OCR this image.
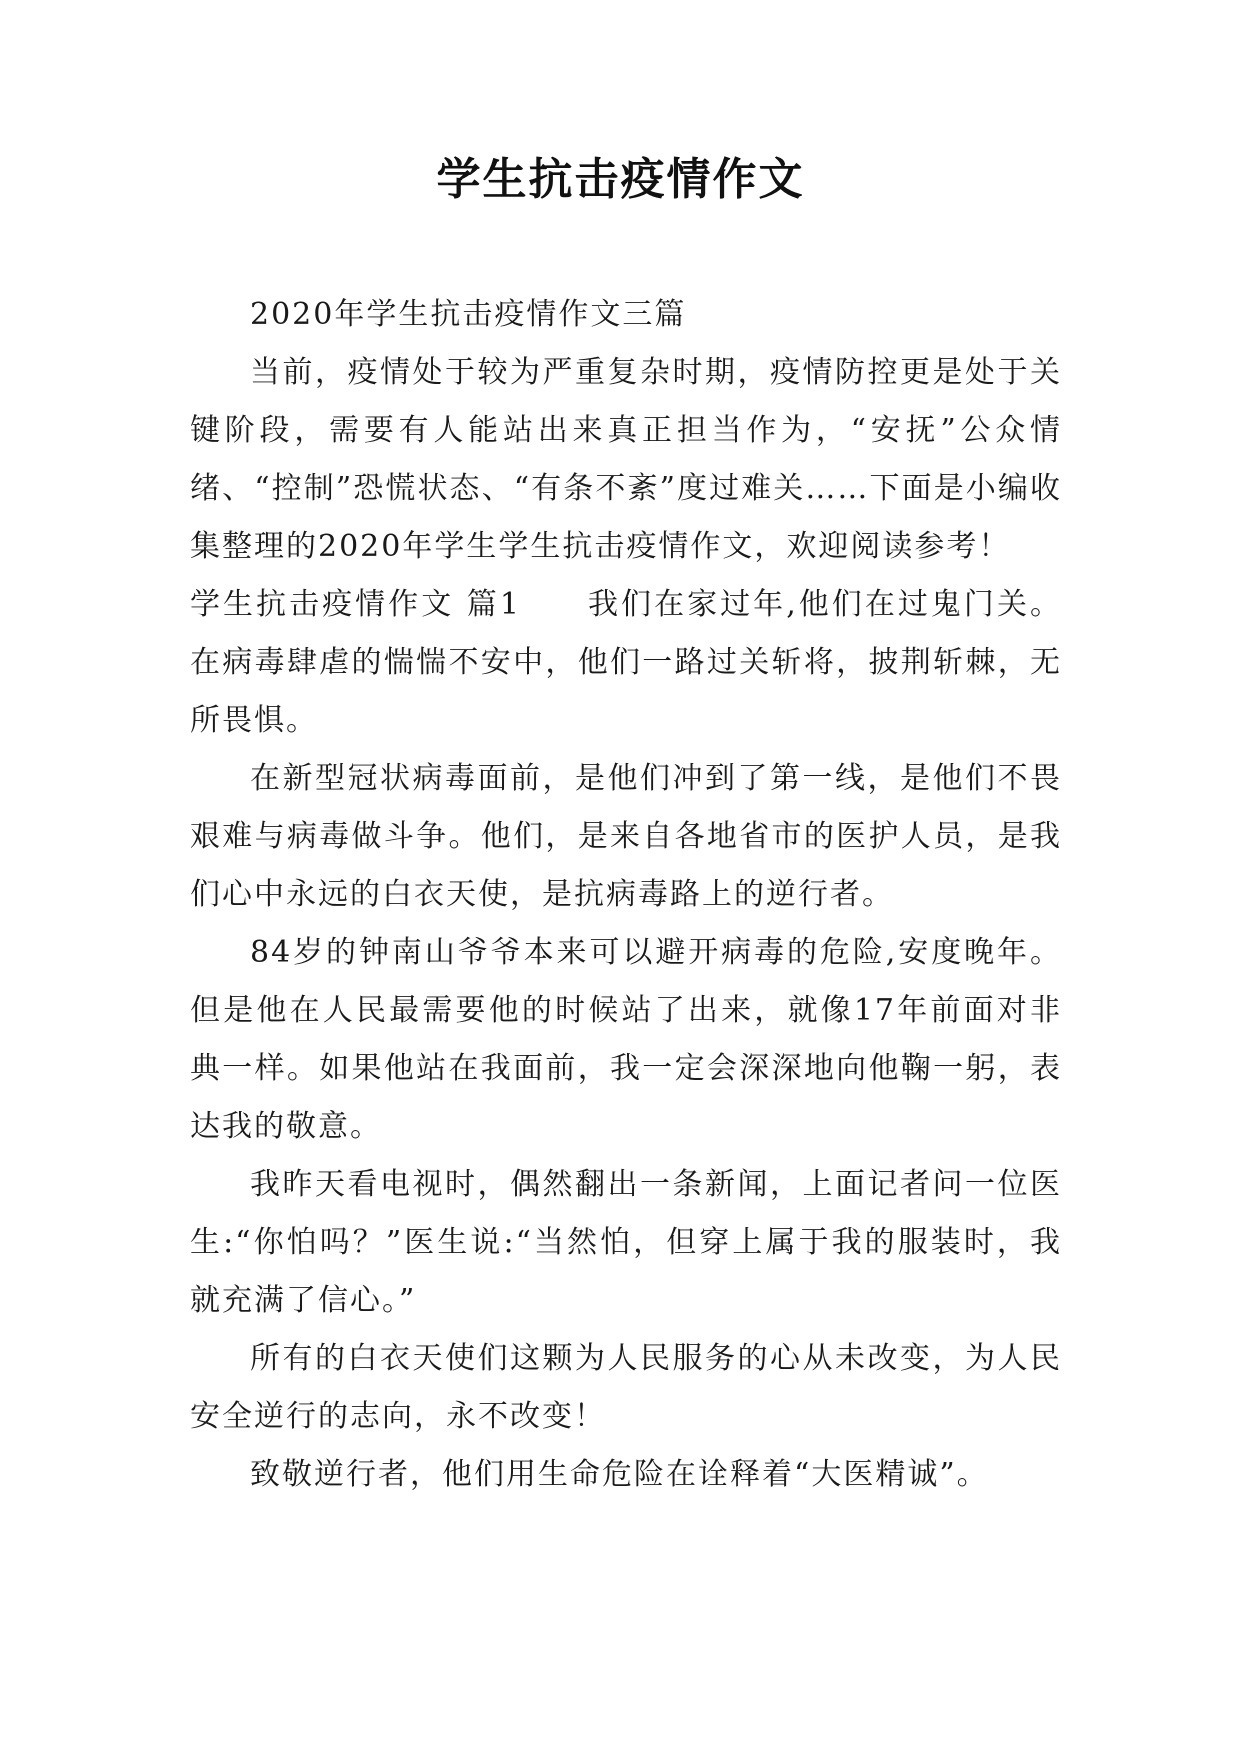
学生抗击疫情作文

2020年学生抗击疫情作文三篇

当前，疫情处于较为严重复杂时期，疫情防控更是处于关键阶段，需要有人能站出来真正担当作为，“安抚”公众情绪、“控制”恐慌状态、“有条不紊”度过难关……下面是小编收集整理的2020年学生学生抗击疫情作文，欢迎阅读参考！

学生抗击疫情作文 篇1　　我们在家过年,他们在过鬼门关。在病毒肆虐的惴惴不安中，他们一路过关斩将，披荆斩棘，无所畏惧。

在新型冠状病毒面前，是他们冲到了第一线，是他们不畏艰难与病毒做斗争。他们，是来自各地省市的医护人员，是我们心中永远的白衣天使，是抗病毒路上的逆行者。

84岁的钟南山爷爷本来可以避开病毒的危险,安度晚年。但是他在人民最需要他的时候站了出来，就像17年前面对非典一样。如果他站在我面前，我一定会深深地向他鞠一躬，表达我的敬意。

我昨天看电视时，偶然翻出一条新闻，上面记者问一位医生:“你怕吗？”医生说:“当然怕，但穿上属于我的服装时，我就充满了信心。”

所有的白衣天使们这颗为人民服务的心从未改变，为人民安全逆行的志向，永不改变！

致敬逆行者，他们用生命危险在诠释着“大医精诚”。
